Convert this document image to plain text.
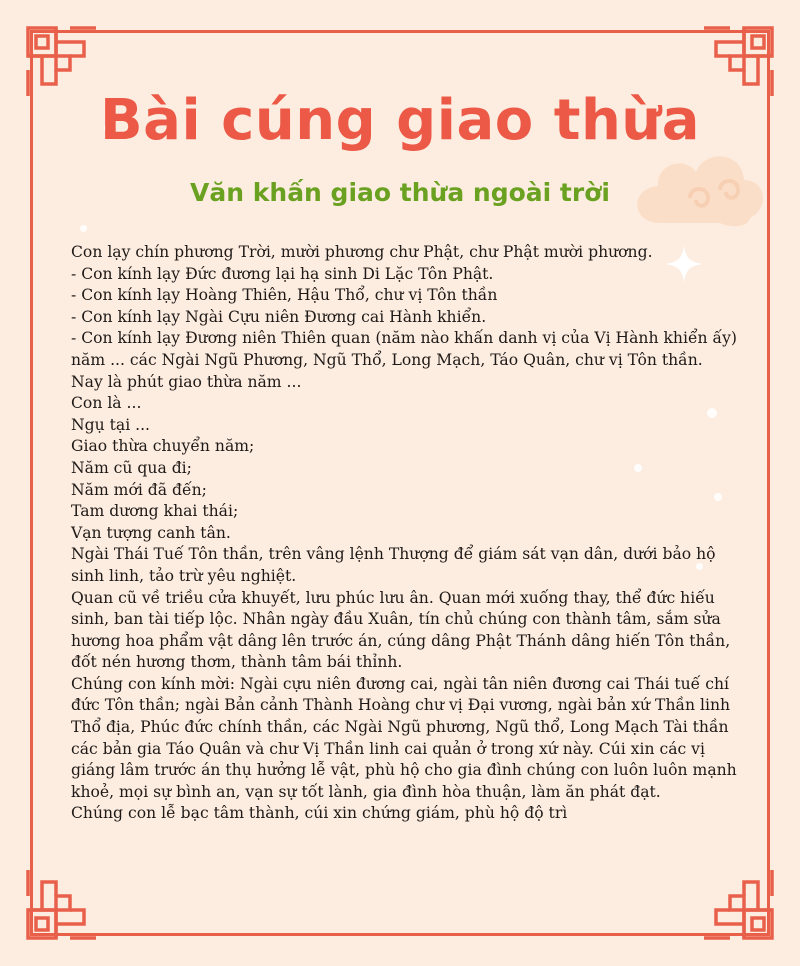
Bài cúng giao thừa
Văn khấn giao thừa ngoài trời
Con lạy chín phương Trời, mười phương chư Phật, chư Phật mười phương.
- Con kính lạy Đức đương lại hạ sinh Di Lặc Tôn Phật.
- Con kính lạy Hoàng Thiên, Hậu Thổ, chư vị Tôn thần
- Con kính lạy Ngài Cựu niên Đương cai Hành khiển.
- Con kính lạy Đương niên Thiên quan (năm nào khấn danh vị của Vị Hành khiển ấy)
năm ... các Ngài Ngũ Phương, Ngũ Thổ, Long Mạch, Táo Quân, chư vị Tôn thần.
Nay là phút giao thừa năm ...
Con là ...
Ngụ tại ...
Giao thừa chuyển năm;
Năm cũ qua đi;
Năm mới đã đến;
Tam dương khai thái;
Vạn tượng canh tân.
Ngài Thái Tuế Tôn thần, trên vâng lệnh Thượng để giám sát vạn dân, dưới bảo hộ
sinh linh, tảo trừ yêu nghiệt.
Quan cũ về triều cửa khuyết, lưu phúc lưu ân. Quan mới xuống thay, thể đức hiếu
sinh, ban tài tiếp lộc. Nhân ngày đầu Xuân, tín chủ chúng con thành tâm, sắm sửa
hương hoa phẩm vật dâng lên trước án, cúng dâng Phật Thánh dâng hiến Tôn thần,
đốt nén hương thơm, thành tâm bái thỉnh.
Chúng con kính mời: Ngài cựu niên đương cai, ngài tân niên đương cai Thái tuế chí
đức Tôn thần; ngài Bản cảnh Thành Hoàng chư vị Đại vương, ngài bản xứ Thần linh
Thổ địa, Phúc đức chính thần, các Ngài Ngũ phương, Ngũ thổ, Long Mạch Tài thần
các bản gia Táo Quân và chư Vị Thần linh cai quản ở trong xứ này. Cúi xin các vị
giáng lâm trước án thụ hưởng lễ vật, phù hộ cho gia đình chúng con luôn luôn mạnh
khoẻ, mọi sự bình an, vạn sự tốt lành, gia đình hòa thuận, làm ăn phát đạt.
Chúng con lễ bạc tâm thành, cúi xin chứng giám, phù hộ độ trì
